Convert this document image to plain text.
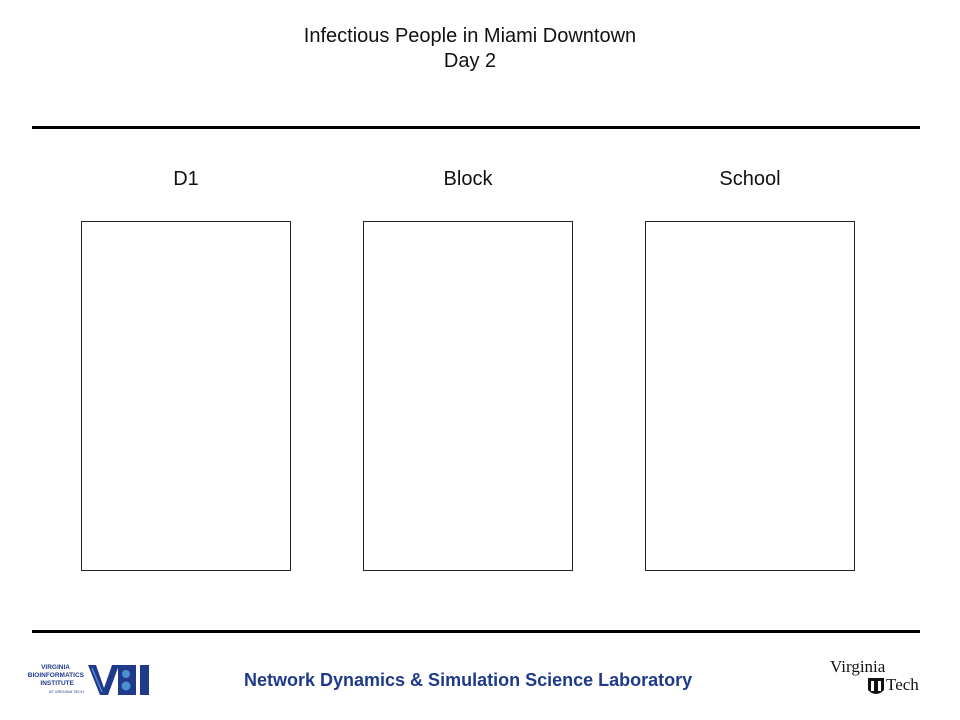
Infectious People in Miami Downtown
Day 2
D1	Block	School
VIRGINIA
BIOINFORMATICS
INSTITUTE
AT VIRGINIA TECH
Network Dynamics & Simulation Science Laboratory
Virginia
Tech
